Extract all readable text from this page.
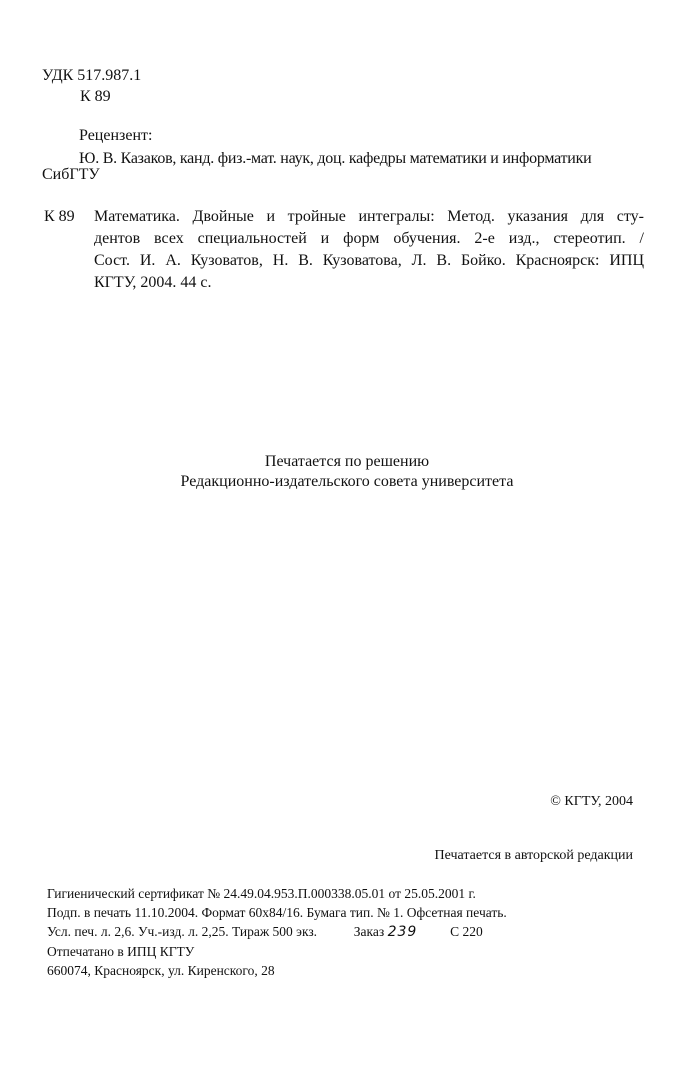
УДК 517.987.1
К 89
Рецензент:
Ю. В. Казаков, канд. физ.-мат. наук, доц. кафедры математики и информатики
СибГТУ
К 89 Математика. Двойные и тройные интегралы: Метод. указания для сту-
дентов всех специальностей и форм обучения. 2-е изд., стереотип. /
Сост. И. А. Кузоватов, Н. В. Кузоватова, Л. В. Бойко. Красноярск: ИПЦ
КГТУ, 2004. 44 с.
Печатается по решению
Редакционно-издательского совета университета
© КГТУ, 2004
Печатается в авторской редакции
Гигиенический сертификат № 24.49.04.953.П.000338.05.01 от 25.05.2001 г.
Подп. в печать 11.10.2004. Формат 60х84/16. Бумага тип. № 1. Офсетная печать.
Усл. печ. л. 2,6. Уч.-изд. л. 2,25. Тираж 500 экз.	Заказ 239 С 220
Отпечатано в ИПЦ КГТУ
660074, Красноярск, ул. Киренского, 28
